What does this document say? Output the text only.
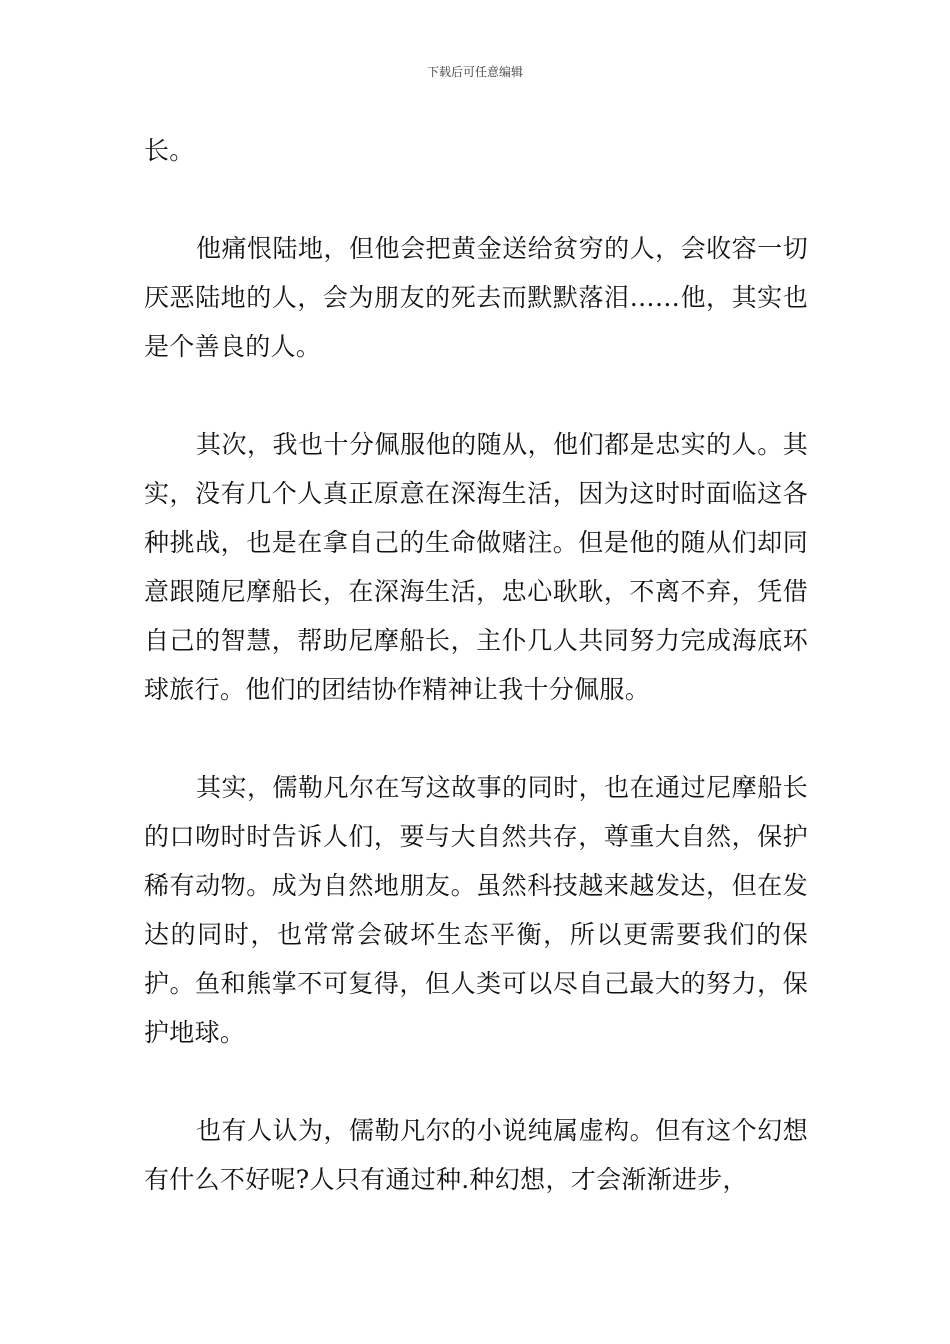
下载后可任意编辑

长。

他痛恨陆地，但他会把黄金送给贫穷的人，会收容一切厌恶陆地的人，会为朋友的死去而默默落泪……他，其实也是个善良的人。

其次，我也十分佩服他的随从，他们都是忠实的人。其实，没有几个人真正原意在深海生活，因为这时时面临这各种挑战，也是在拿自己的生命做赌注。但是他的随从们却同意跟随尼摩船长，在深海生活，忠心耿耿，不离不弃，凭借自己的智慧，帮助尼摩船长，主仆几人共同努力完成海底环球旅行。他们的团结协作精神让我十分佩服。

其实，儒勒凡尔在写这故事的同时，也在通过尼摩船长的口吻时时告诉人们，要与大自然共存，尊重大自然，保护稀有动物。成为自然地朋友。虽然科技越来越发达，但在发达的同时，也常常会破坏生态平衡，所以更需要我们的保护。鱼和熊掌不可复得，但人类可以尽自己最大的努力，保护地球。

也有人认为，儒勒凡尔的小说纯属虚构。但有这个幻想有什么不好呢?人只有通过种.种幻想，才会渐渐进步，
